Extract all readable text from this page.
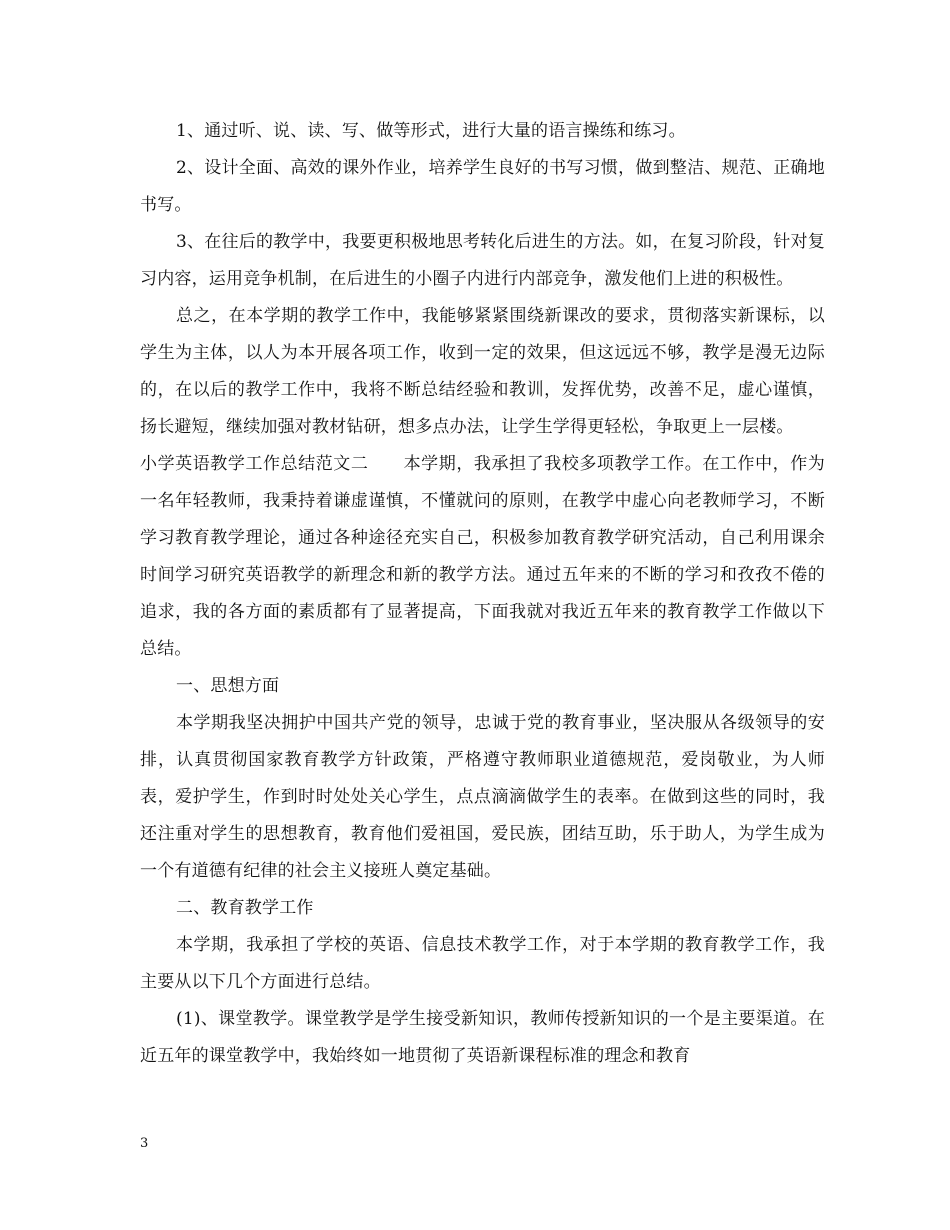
1、通过听、说、读、写、做等形式，进行大量的语言操练和练习。

2、设计全面、高效的课外作业，培养学生良好的书写习惯，做到整洁、规范、正确地书写。

3、在往后的教学中，我要更积极地思考转化后进生的方法。如，在复习阶段，针对复习内容，运用竞争机制，在后进生的小圈子内进行内部竞争，激发他们上进的积极性。

总之，在本学期的教学工作中，我能够紧紧围绕新课改的要求，贯彻落实新课标，以学生为主体，以人为本开展各项工作，收到一定的效果，但这远远不够，教学是漫无边际的，在以后的教学工作中，我将不断总结经验和教训，发挥优势，改善不足，虚心谨慎，扬长避短，继续加强对教材钻研，想多点办法，让学生学得更轻松，争取更上一层楼。

小学英语教学工作总结范文二　　本学期，我承担了我校多项教学工作。在工作中，作为一名年轻教师，我秉持着谦虚谨慎，不懂就问的原则，在教学中虚心向老教师学习，不断学习教育教学理论，通过各种途径充实自己，积极参加教育教学研究活动，自己利用课余时间学习研究英语教学的新理念和新的教学方法。通过五年来的不断的学习和孜孜不倦的追求，我的各方面的素质都有了显著提高，下面我就对我近五年来的教育教学工作做以下总结。

一、思想方面

本学期我坚决拥护中国共产党的领导，忠诚于党的教育事业，坚决服从各级领导的安排，认真贯彻国家教育教学方针政策，严格遵守教师职业道德规范，爱岗敬业，为人师表，爱护学生，作到时时处处关心学生，点点滴滴做学生的表率。在做到这些的同时，我还注重对学生的思想教育，教育他们爱祖国，爱民族，团结互助，乐于助人，为学生成为一个有道德有纪律的社会主义接班人奠定基础。

二、教育教学工作

本学期，我承担了学校的英语、信息技术教学工作，对于本学期的教育教学工作，我主要从以下几个方面进行总结。

(1)、课堂教学。课堂教学是学生接受新知识，教师传授新知识的一个是主要渠道。在近五年的课堂教学中，我始终如一地贯彻了英语新课程标准的理念和教育

3
